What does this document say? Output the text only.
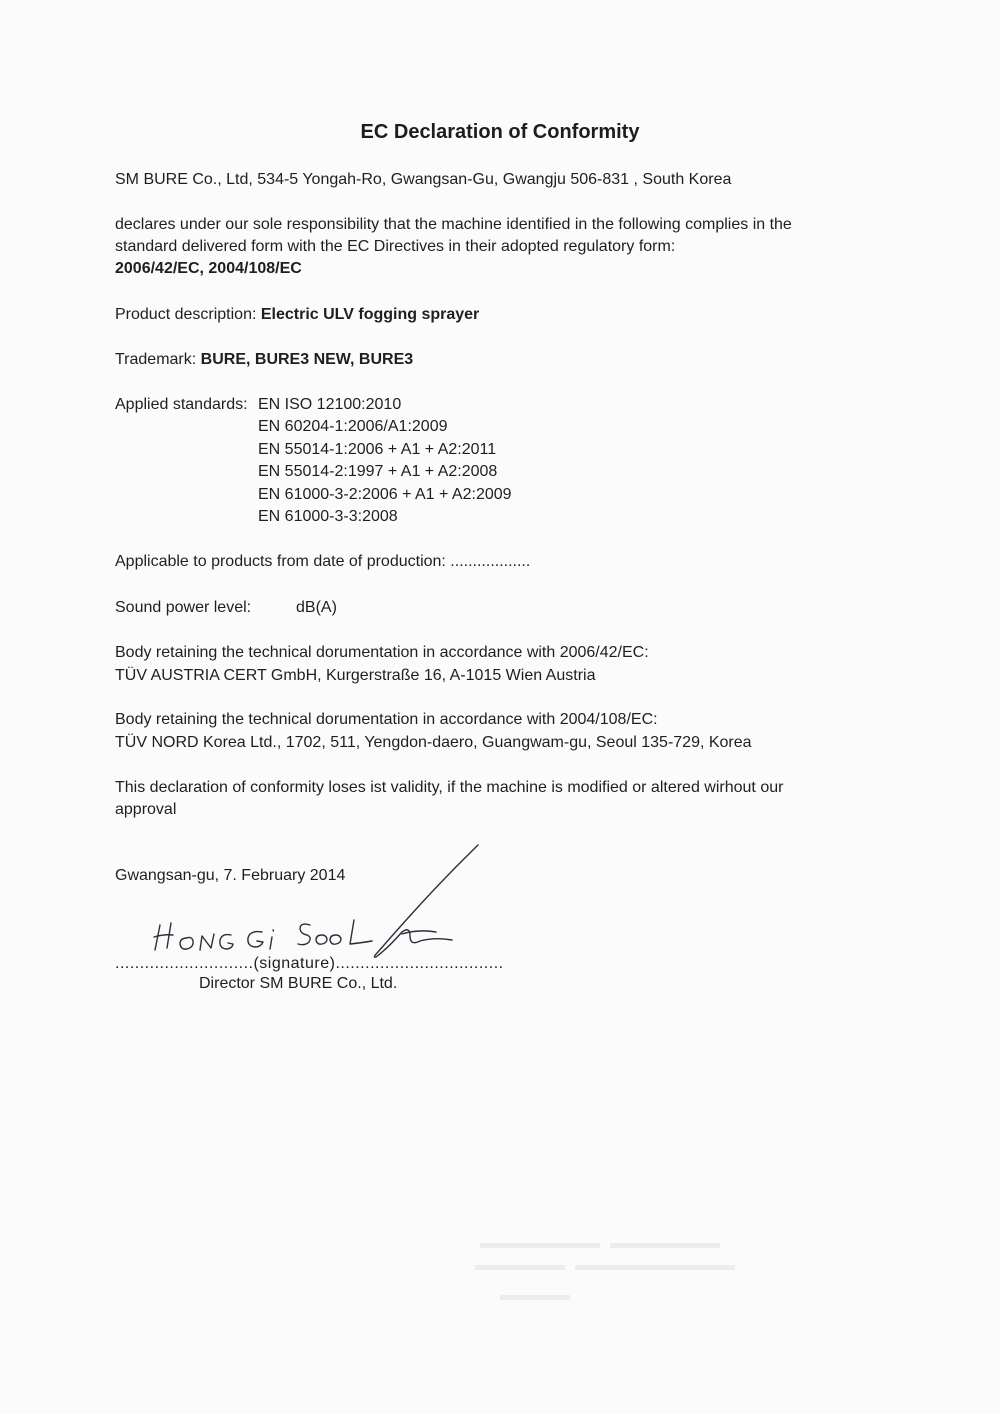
EC Declaration of Conformity
SM BURE Co., Ltd, 534-5 Yongah-Ro, Gwangsan-Gu, Gwangju 506-831 , South Korea
declares under our sole responsibility that the machine identified in the following complies in the
standard delivered form with the EC Directives in their adopted regulatory form:
2006/42/EC, 2004/108/EC
Product description: Electric ULV fogging sprayer
Trademark: BURE, BURE3 NEW, BURE3
Applied standards: EN ISO 12100:2010
EN 60204-1:2006/A1:2009
EN 55014-1:2006 + A1 + A2:2011
EN 55014-2:1997 + A1 + A2:2008
EN 61000-3-2:2006 + A1 + A2:2009
EN 61000-3-3:2008
Applicable to products from date of production: ..................
Sound power level:	dB(A)
Body retaining the technical dorumentation in accordance with 2006/42/EC:
TÜV AUSTRIA CERT GmbH, Kurgerstraße 16, A-1015 Wien Austria
Body retaining the technical dorumentation in accordance with 2004/108/EC:
TÜV NORD Korea Ltd., 1702, 511, Yengdon-daero, Guangwam-gu, Seoul 135-729, Korea
This declaration of conformity loses ist validity, if the machine is modified or altered wirhout our
approval
Gwangsan-gu, 7. February 2014
............................(signature)..................................
Director SM BURE Co., Ltd.
